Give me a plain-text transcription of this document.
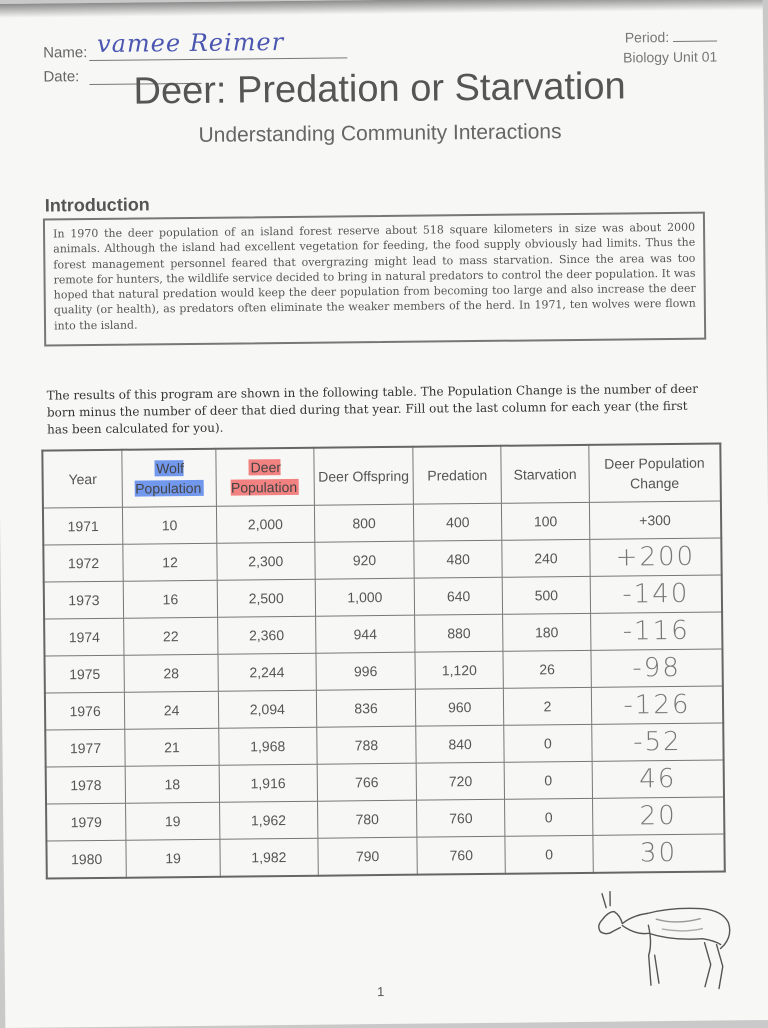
Name: vamee Reimer
Date:
Period:
Biology Unit 01
Deer: Predation or Starvation
Understanding Community Interactions
Introduction
In 1970 the deer population of an island forest reserve about 518 square kilometers in size was about 2000 animals. Although the island had excellent vegetation for feeding, the food supply obviously had limits. Thus the forest management personnel feared that overgrazing might lead to mass starvation. Since the area was too remote for hunters, the wildlife service decided to bring in natural predators to control the deer population. It was hoped that natural predation would keep the deer population from becoming too large and also increase the deer quality (or health), as predators often eliminate the weaker members of the herd. In 1971, ten wolves were flown into the island.
The results of this program are shown in the following table. The Population Change is the number of deer born minus the number of deer that died during that year. Fill out the last column for each year (the first has been calculated for you).
Year	Wolf Population	Deer Population	Deer Offspring	Predation	Starvation	Deer Population Change
1971	10	2,000	800	400	100	+300
1972	12	2,300	920	480	240	+200
1973	16	2,500	1,000	640	500	-140
1974	22	2,360	944	880	180	-116
1975	28	2,244	996	1,120	26	-98
1976	24	2,094	836	960	2	-126
1977	21	1,968	788	840	0	-52
1978	18	1,916	766	720	0	46
1979	19	1,962	780	760	0	20
1980	19	1,982	790	760	0	30
1
